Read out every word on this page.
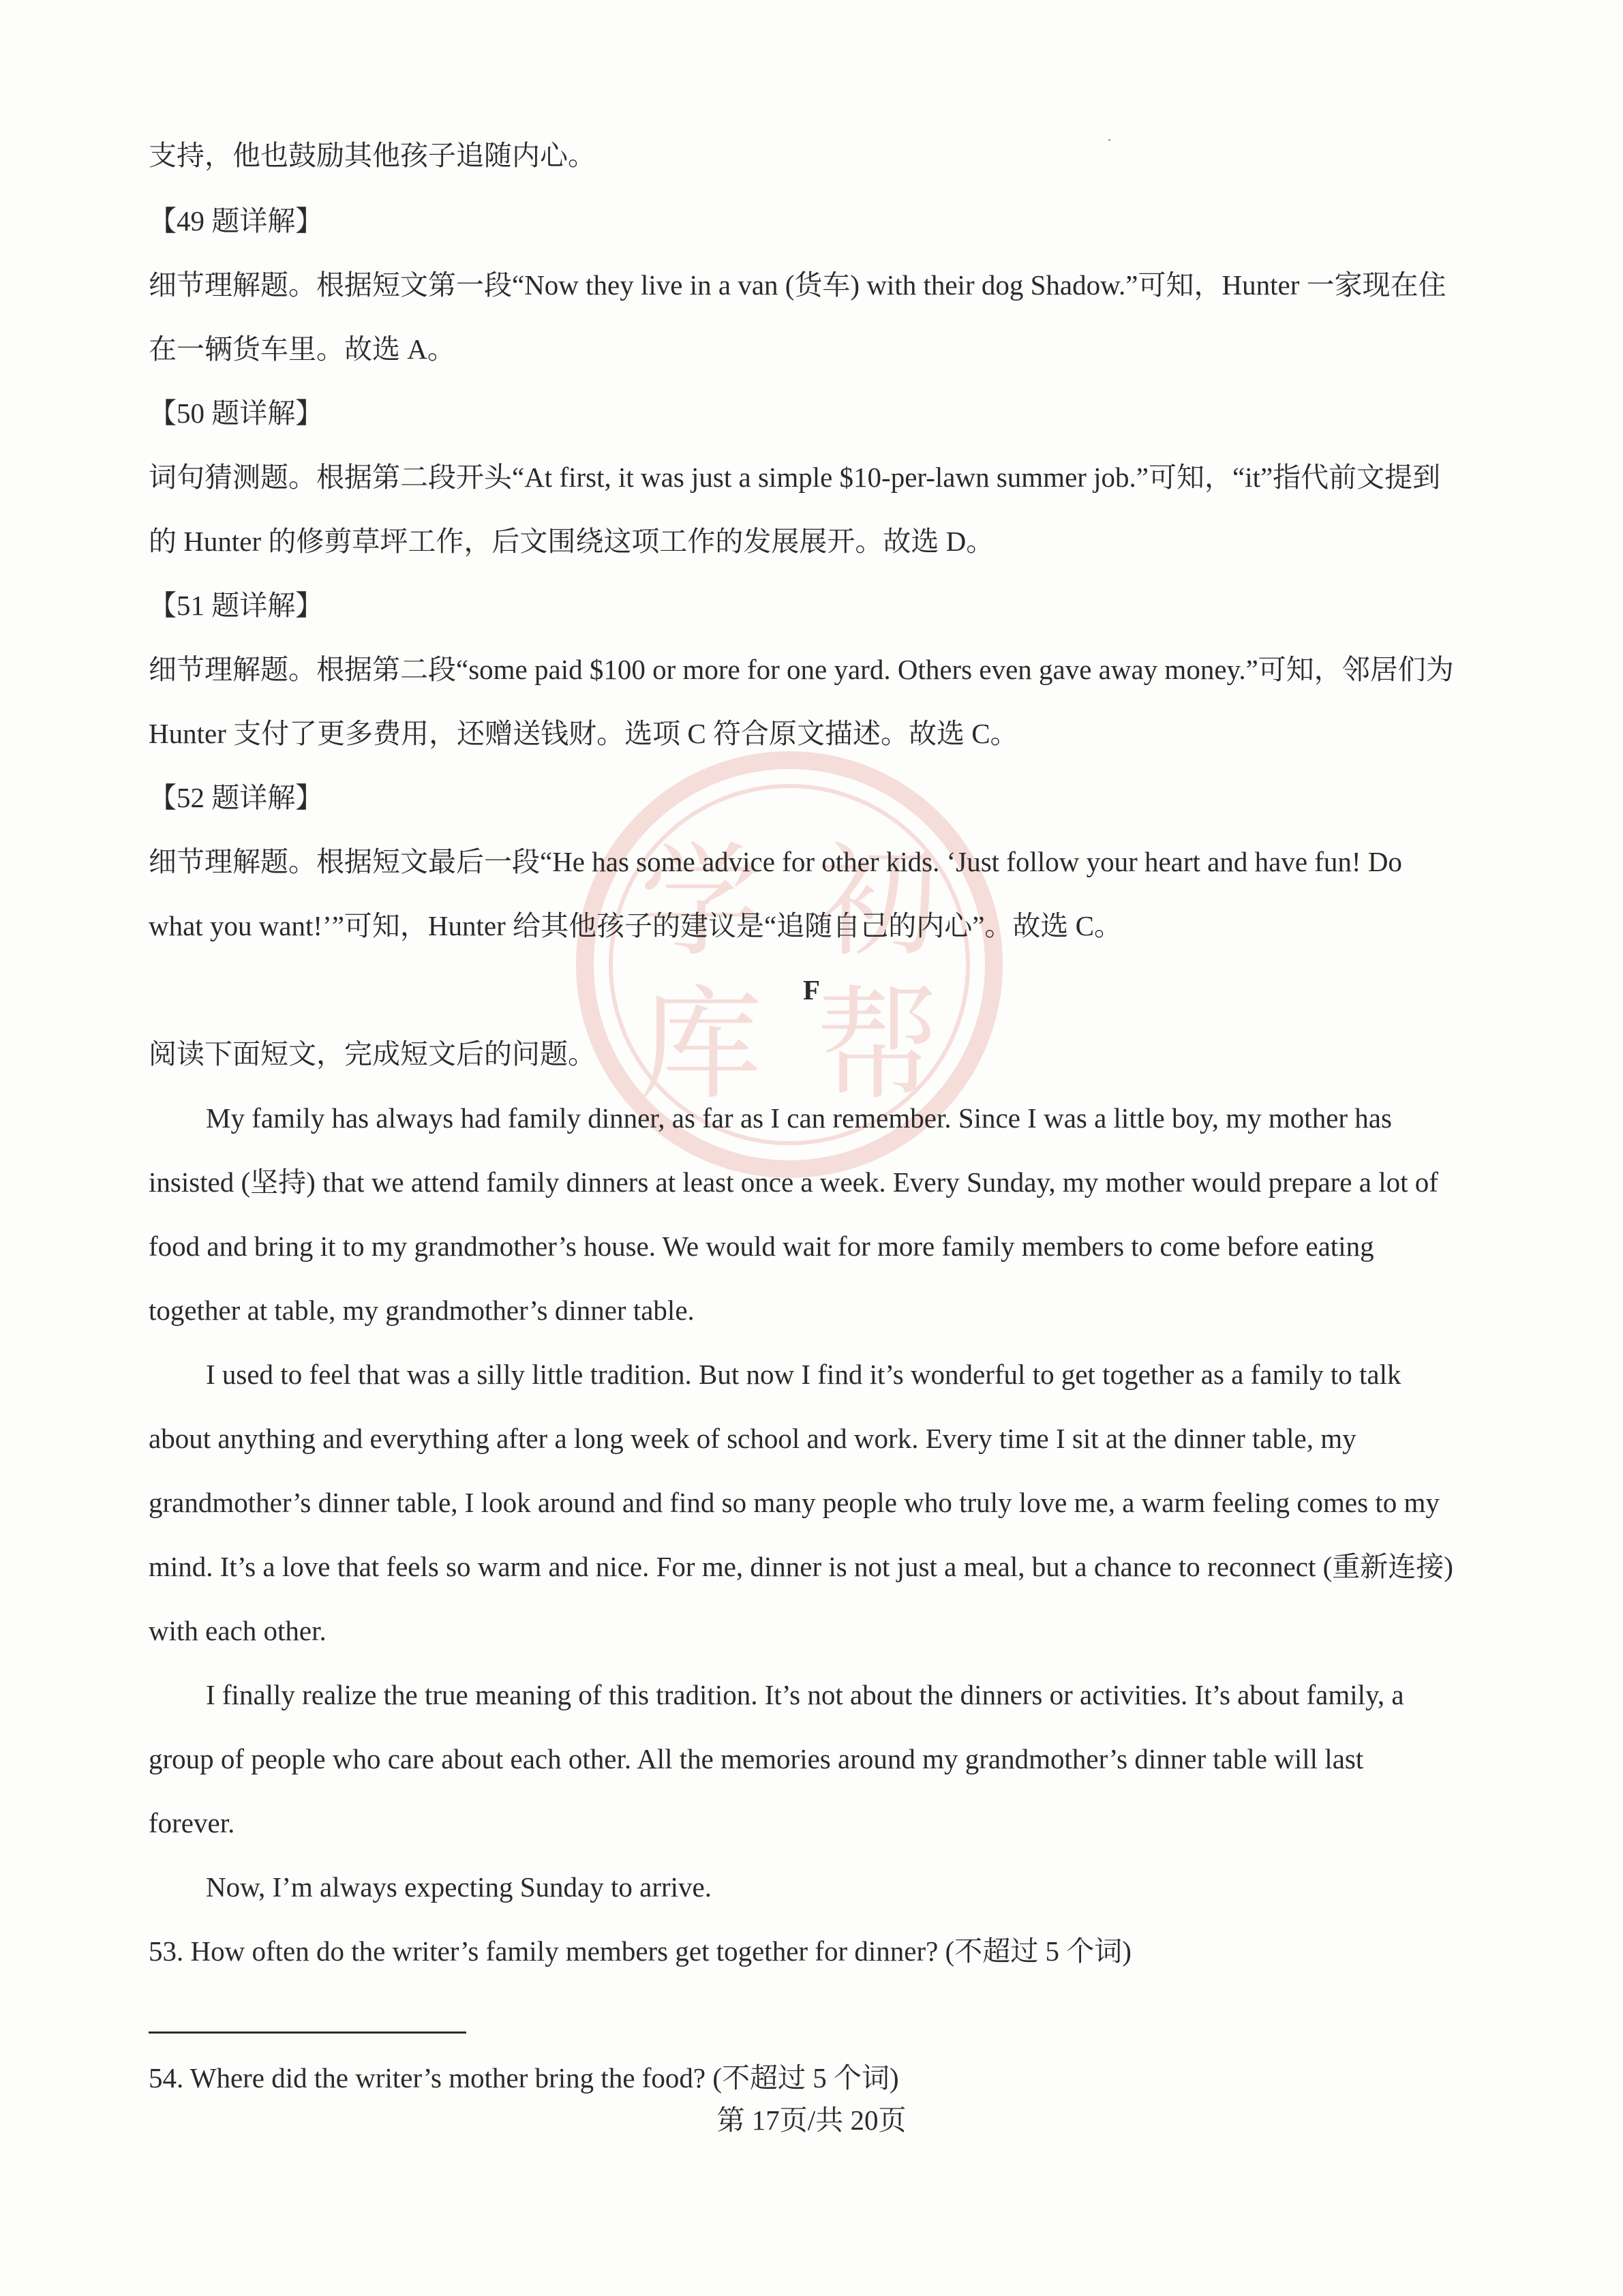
学 初
库 帮
支持，他也鼓励其他孩子追随内心。
【49 题详解】
细节理解题。根据短文第一段“Now they live in a van (货车) with their dog Shadow.”可知，Hunter 一家现在住
在一辆货车里。故选 A。
【50 题详解】
词句猜测题。根据第二段开头“At first, it was just a simple $10-per-lawn summer job.”可知，“it”指代前文提到
的 Hunter 的修剪草坪工作，后文围绕这项工作的发展展开。故选 D。
【51 题详解】
细节理解题。根据第二段“some paid $100 or more for one yard. Others even gave away money.”可知，邻居们为
Hunter 支付了更多费用，还赠送钱财。选项 C 符合原文描述。故选 C。
【52 题详解】
细节理解题。根据短文最后一段“He has some advice for other kids. ‘Just follow your heart and have fun! Do
what you want!’”可知，Hunter 给其他孩子的建议是“追随自己的内心”。故选 C。
F
阅读下面短文，完成短文后的问题。
My family has always had family dinner, as far as I can remember. Since I was a little boy, my mother has
insisted (坚持) that we attend family dinners at least once a week. Every Sunday, my mother would prepare a lot of
food and bring it to my grandmother’s house. We would wait for more family members to come before eating
together at table, my grandmother’s dinner table.
I used to feel that was a silly little tradition. But now I find it’s wonderful to get together as a family to talk
about anything and everything after a long week of school and work. Every time I sit at the dinner table, my
grandmother’s dinner table, I look around and find so many people who truly love me, a warm feeling comes to my
mind. It’s a love that feels so warm and nice. For me, dinner is not just a meal, but a chance to reconnect (重新连接)
with each other.
I finally realize the true meaning of this tradition. It’s not about the dinners or activities. It’s about family, a
group of people who care about each other. All the memories around my grandmother’s dinner table will last
forever.
Now, I’m always expecting Sunday to arrive.
53. How often do the writer’s family members get together for dinner? (不超过 5 个词)
54. Where did the writer’s mother bring the food? (不超过 5 个词)
第 17页/共 20页
